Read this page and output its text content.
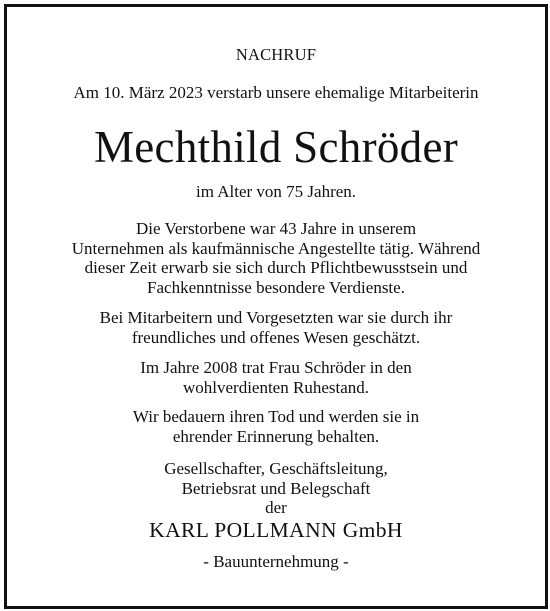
NACHRUF
Am 10. März 2023 verstarb unsere ehemalige Mitarbeiterin
Mechthild Schröder
im Alter von 75 Jahren.
Die Verstorbene war 43 Jahre in unserem
Unternehmen als kaufmännische Angestellte tätig. Während
dieser Zeit erwarb sie sich durch Pflichtbewusstsein und
Fachkenntnisse besondere Verdienste.
Bei Mitarbeitern und Vorgesetzten war sie durch ihr
freundliches und offenes Wesen geschätzt.
Im Jahre 2008 trat Frau Schröder in den
wohlverdienten Ruhestand.
Wir bedauern ihren Tod und werden sie in
ehrender Erinnerung behalten.
Gesellschafter, Geschäftsleitung,
Betriebsrat und Belegschaft
der
KARL POLLMANN GmbH
- Bauunternehmung -
